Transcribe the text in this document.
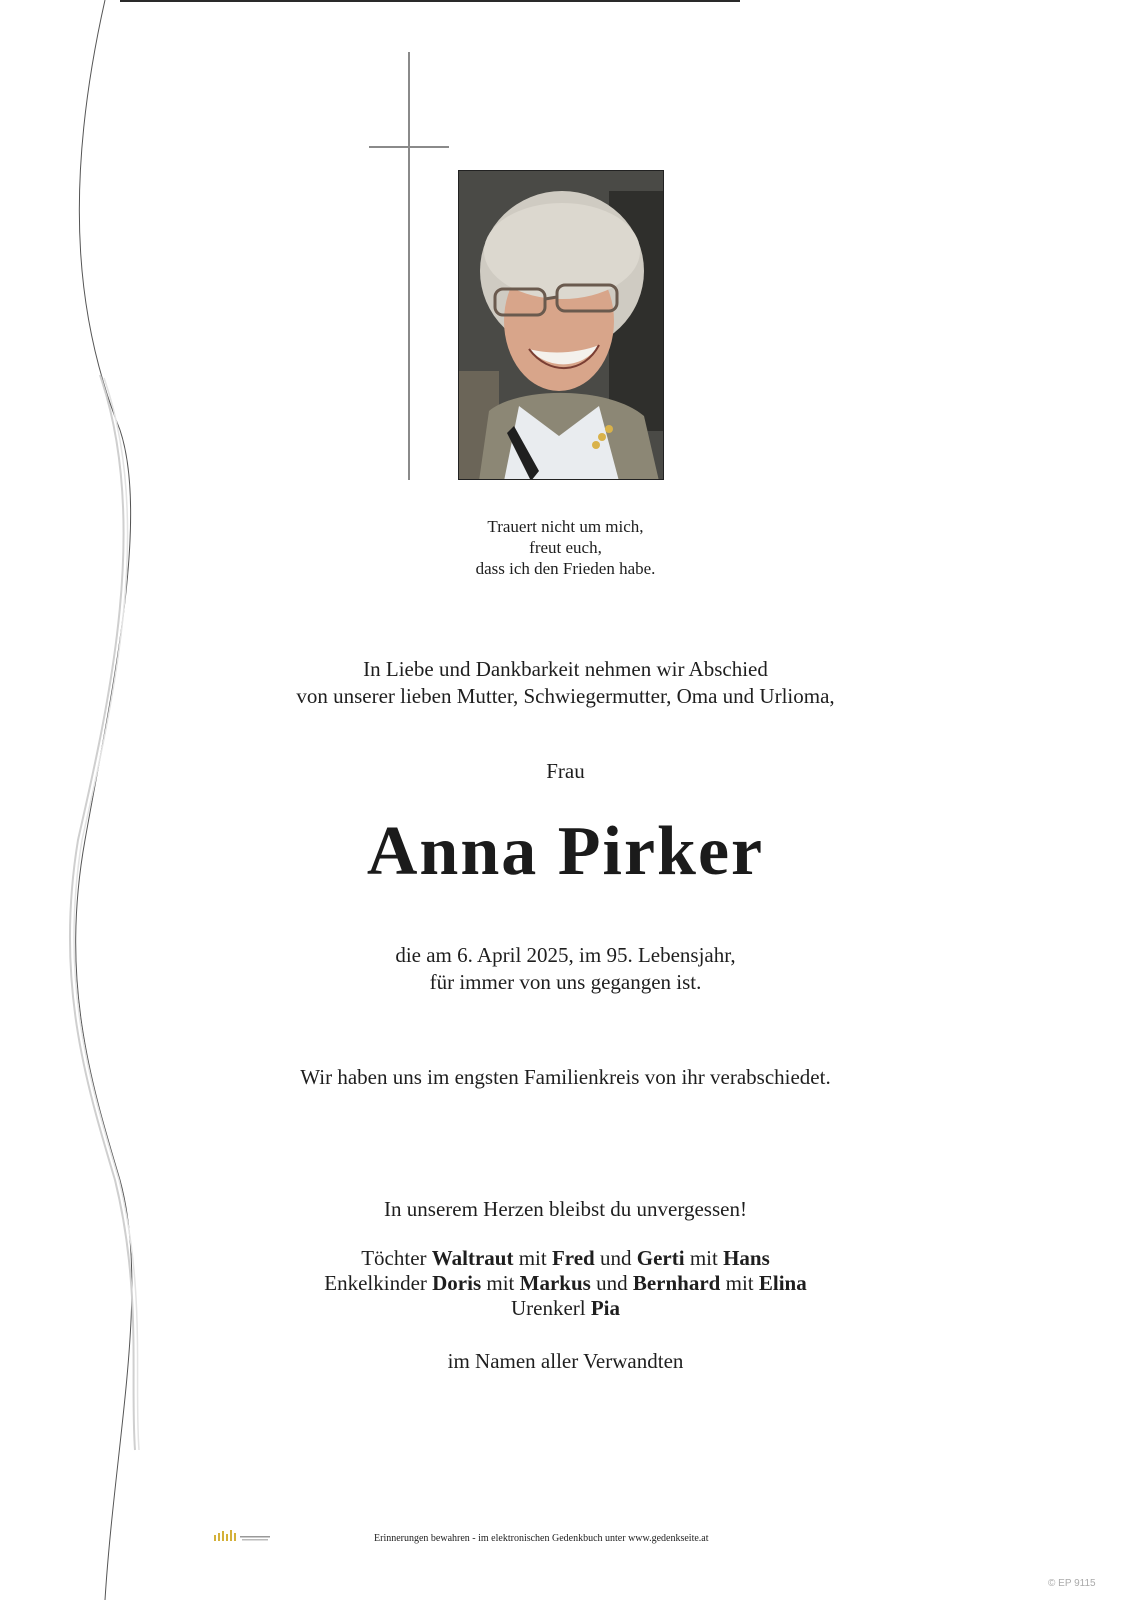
Trauert nicht um mich,
freut euch,
dass ich den Frieden habe.
In Liebe und Dankbarkeit nehmen wir Abschied
von unserer lieben Mutter, Schwiegermutter, Oma und Urlioma,
Frau
Anna Pirker
die am 6. April 2025, im 95. Lebensjahr,
für immer von uns gegangen ist.
Wir haben uns im engsten Familienkreis von ihr verabschiedet.
In unserem Herzen bleibst du unvergessen!
Töchter Waltraut mit Fred und Gerti mit Hans
Enkelkinder Doris mit Markus und Bernhard mit Elina
Urenkerl Pia
im Namen aller Verwandten
Erinnerungen bewahren - im elektronischen Gedenkbuch unter www.gedenkseite.at
© EP 9115
